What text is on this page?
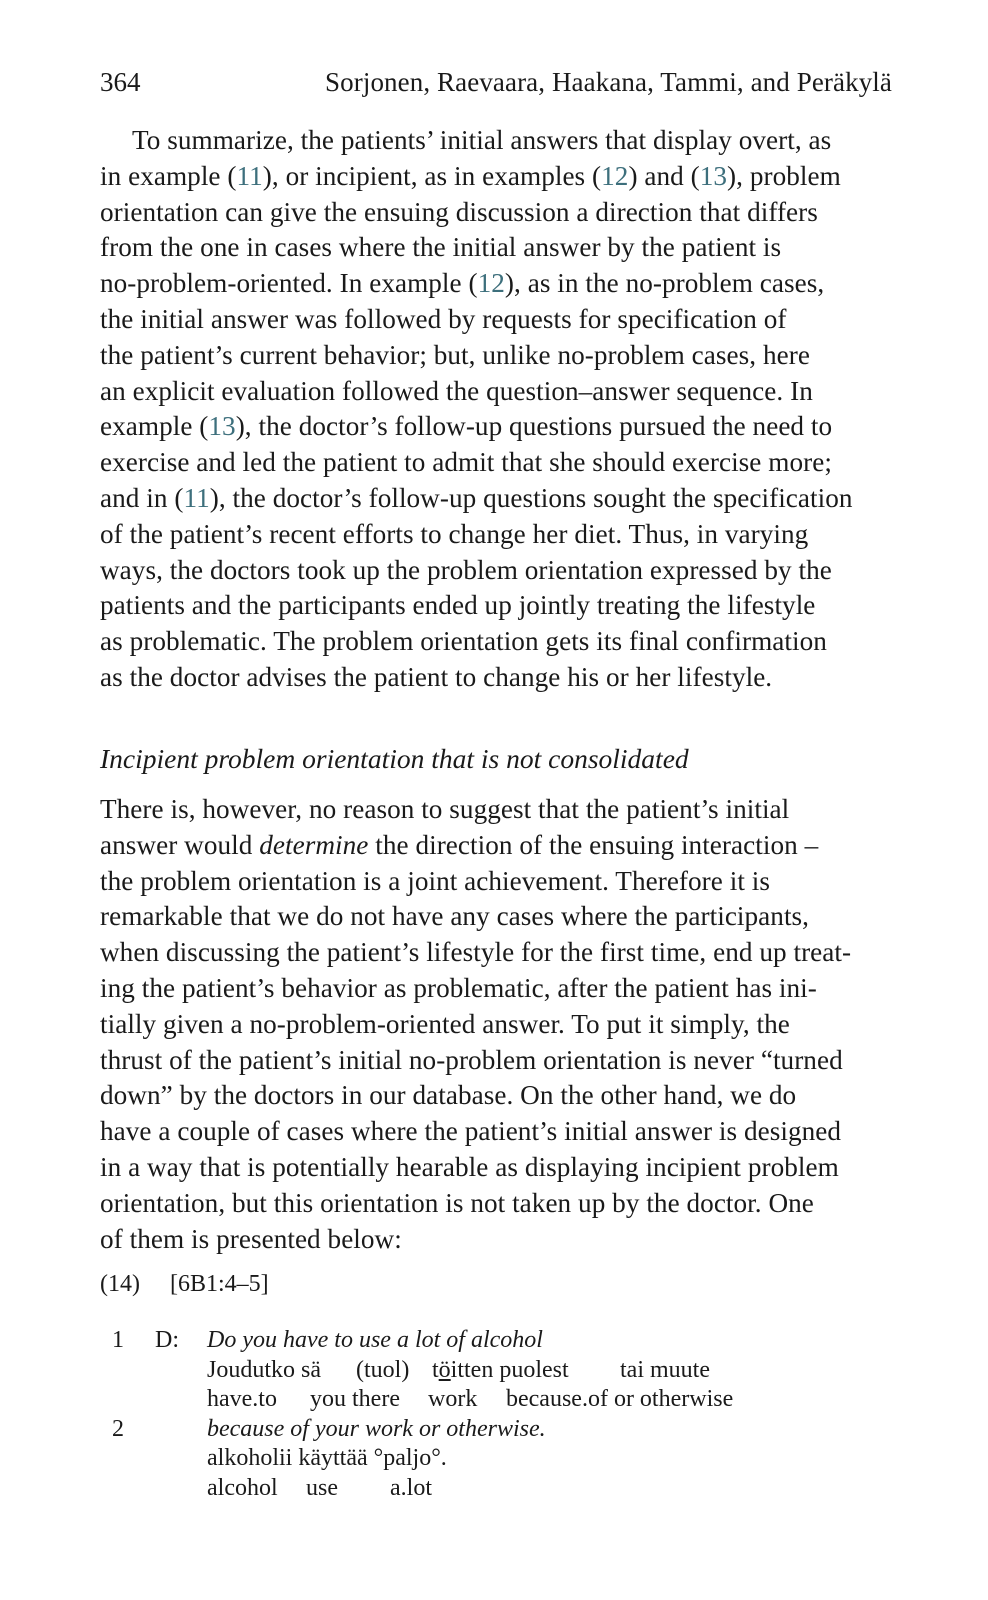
364	Sorjonen, Raevaara, Haakana, Tammi, and Peräkylä

To summarize, the patients’ initial answers that display overt, as
in example (11), or incipient, as in examples (12) and (13), problem
orientation can give the ensuing discussion a direction that differs
from the one in cases where the initial answer by the patient is
no-problem-oriented. In example (12), as in the no-problem cases,
the initial answer was followed by requests for specification of
the patient’s current behavior; but, unlike no-problem cases, here
an explicit evaluation followed the question–answer sequence. In
example (13), the doctor’s follow-up questions pursued the need to
exercise and led the patient to admit that she should exercise more;
and in (11), the doctor’s follow-up questions sought the specification
of the patient’s recent efforts to change her diet. Thus, in varying
ways, the doctors took up the problem orientation expressed by the
patients and the participants ended up jointly treating the lifestyle
as problematic. The problem orientation gets its final confirmation
as the doctor advises the patient to change his or her lifestyle.

Incipient problem orientation that is not consolidated

There is, however, no reason to suggest that the patient’s initial
answer would determine the direction of the ensuing interaction –
the problem orientation is a joint achievement. Therefore it is
remarkable that we do not have any cases where the participants,
when discussing the patient’s lifestyle for the first time, end up treat-
ing the patient’s behavior as problematic, after the patient has ini-
tially given a no-problem-oriented answer. To put it simply, the
thrust of the patient’s initial no-problem orientation is never “turned
down” by the doctors in our database. On the other hand, we do
have a couple of cases where the patient’s initial answer is designed
in a way that is potentially hearable as displaying incipient problem
orientation, but this orientation is not taken up by the doctor. One
of them is presented below:

(14) [6B1:4–5]
1 D: Do you have to use a lot of alcohol
Joudutko sä (tuol) töitten puolest tai muute
have.to you there work because.of or otherwise
2	because of your work or otherwise.
alkoholii käyttää °paljo°.
alcohol use a.lot
